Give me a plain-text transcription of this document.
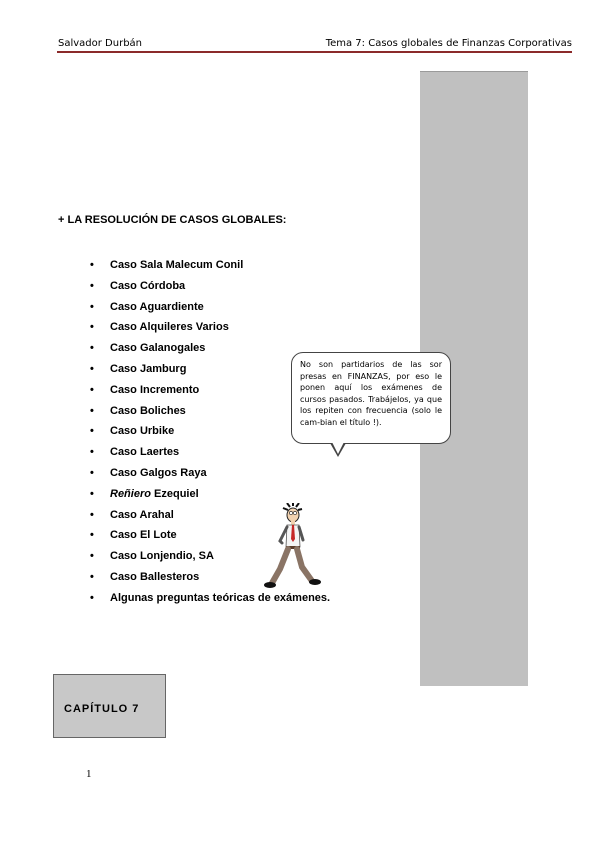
Salvador Durbán	Tema 7: Casos globales de Finanzas Corporativas
+ LA RESOLUCIÓN DE CASOS GLOBALES:
• Caso Sala Malecum Conil
• Caso Córdoba
• Caso Aguardiente
• Caso Alquileres Varios
• Caso Galanogales
• Caso Jamburg
• Caso Incremento
• Caso Boliches
• Caso Urbike
• Caso Laertes
• Caso Galgos Raya
• Reñiero Ezequiel
• Caso Arahal
• Caso El Lote
• Caso Lonjendio, SA
• Caso Ballesteros
• Algunas preguntas teóricas de exámenes.
No son partidarios de las sor presas en FINANZAS, por eso le ponen aquí los exámenes de cursos pasados. Trabájelos, ya que los repiten con frecuencia (solo le cam-bian el título !).
CAPÍTULO 7
1
